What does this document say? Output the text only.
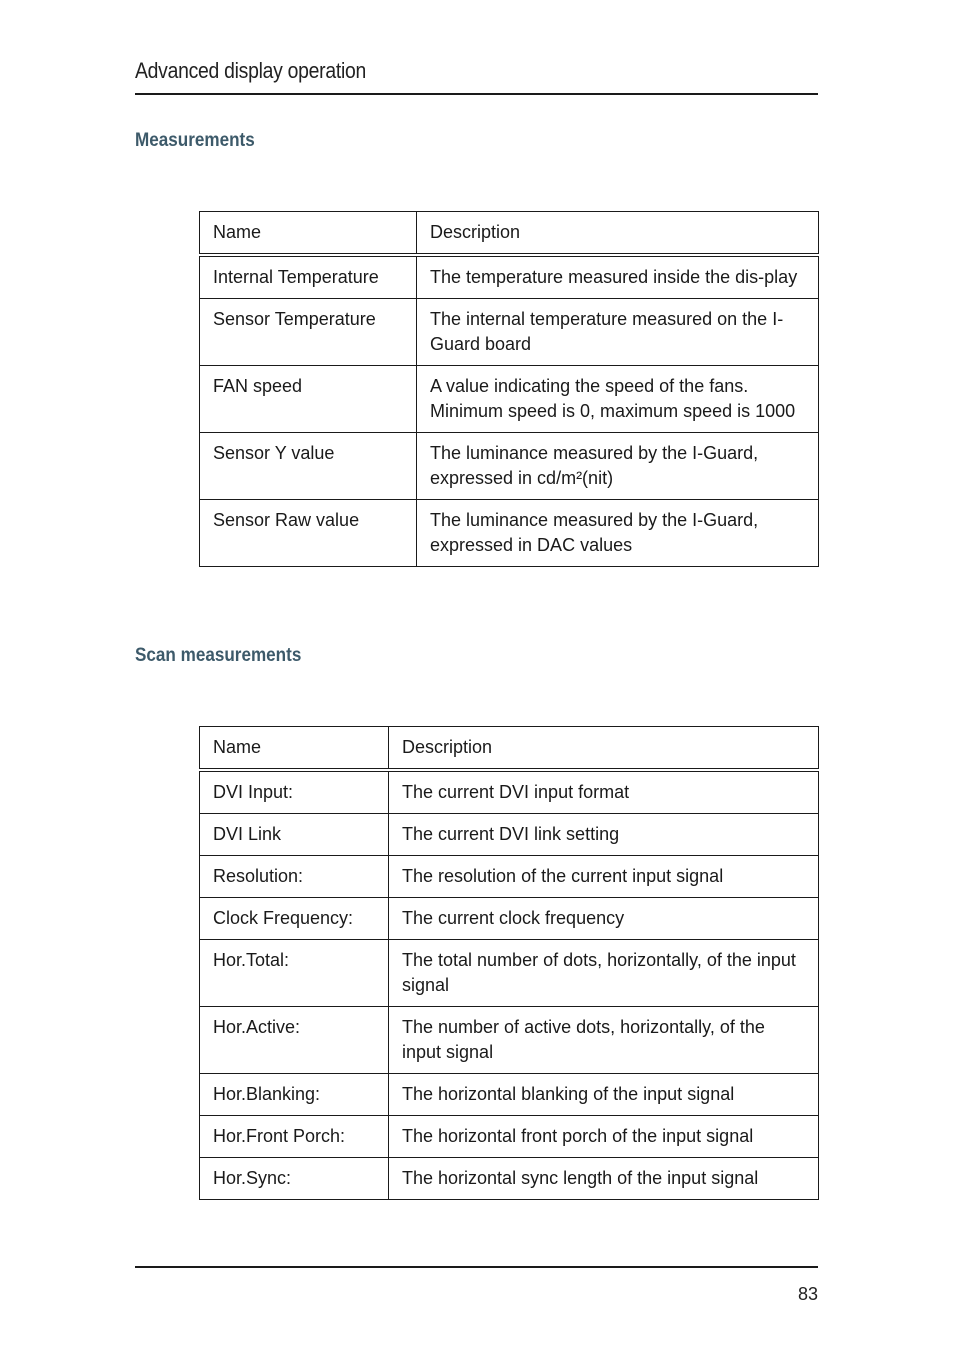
Advanced display operation
Measurements
Name	Description
Internal Temperature	The temperature measured inside the dis-play
Sensor Temperature	The internal temperature measured on the I-Guard board
FAN speed	A value indicating the speed of the fans. Minimum speed is 0, maximum speed is 1000
Sensor Y value	The luminance measured by the I-Guard, expressed in cd/m²(nit)
Sensor Raw value	The luminance measured by the I-Guard, expressed in DAC values
Scan measurements
Name	Description
DVI Input:	The current DVI input format
DVI Link	The current DVI link setting
Resolution:	The resolution of the current input signal
Clock Frequency:	The current clock frequency
Hor.Total:	The total number of dots, horizontally, of the input signal
Hor.Active:	The number of active dots, horizontally, of the input signal
Hor.Blanking:	The horizontal blanking of the input signal
Hor.Front Porch:	The horizontal front porch of the input signal
Hor.Sync:	The horizontal sync length of the input signal
83
